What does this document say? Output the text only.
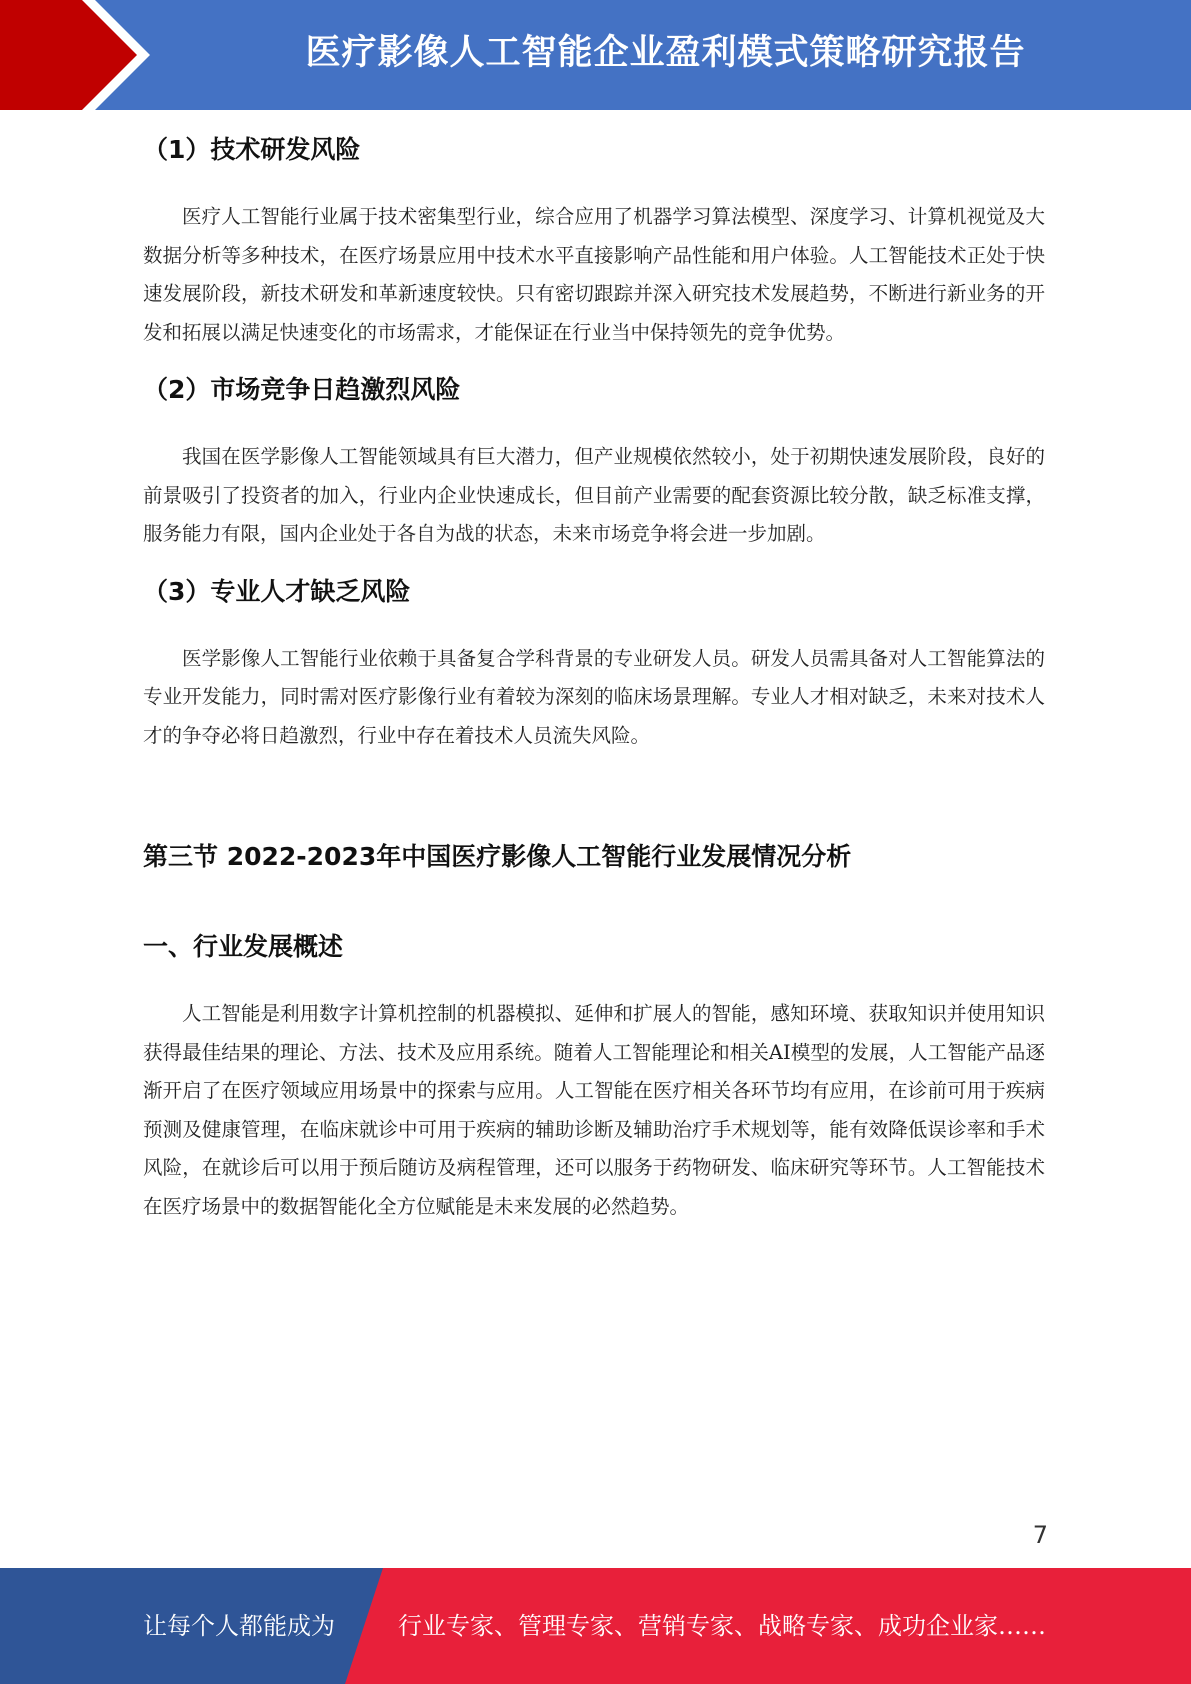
医疗影像人工智能企业盈利模式策略研究报告
（1）技术研发风险

医疗人工智能行业属于技术密集型行业，综合应用了机器学习算法模型、深度学习、计算机视觉及大数据分析等多种技术，在医疗场景应用中技术水平直接影响产品性能和用户体验。人工智能技术正处于快速发展阶段，新技术研发和革新速度较快。只有密切跟踪并深入研究技术发展趋势，不断进行新业务的开发和拓展以满足快速变化的市场需求，才能保证在行业当中保持领先的竞争优势。

（2）市场竞争日趋激烈风险

我国在医学影像人工智能领域具有巨大潜力，但产业规模依然较小，处于初期快速发展阶段，良好的前景吸引了投资者的加入，行业内企业快速成长，但目前产业需要的配套资源比较分散，缺乏标准支撑，服务能力有限，国内企业处于各自为战的状态，未来市场竞争将会进一步加剧。

（3）专业人才缺乏风险

医学影像人工智能行业依赖于具备复合学科背景的专业研发人员。研发人员需具备对人工智能算法的专业开发能力，同时需对医疗影像行业有着较为深刻的临床场景理解。专业人才相对缺乏，未来对技术人才的争夺必将日趋激烈，行业中存在着技术人员流失风险。

第三节 2022-2023年中国医疗影像人工智能行业发展情况分析
一、行业发展概述

人工智能是利用数字计算机控制的机器模拟、延伸和扩展人的智能，感知环境、获取知识并使用知识获得最佳结果的理论、方法、技术及应用系统。随着人工智能理论和相关AI模型的发展，人工智能产品逐渐开启了在医疗领域应用场景中的探索与应用。人工智能在医疗相关各环节均有应用，在诊前可用于疾病预测及健康管理，在临床就诊中可用于疾病的辅助诊断及辅助治疗手术规划等，能有效降低误诊率和手术风险，在就诊后可以用于预后随访及病程管理，还可以服务于药物研发、临床研究等环节。人工智能技术在医疗场景中的数据智能化全方位赋能是未来发展的必然趋势。

7
让每个人都能成为	行业专家、管理专家、营销专家、战略专家、成功企业家……
